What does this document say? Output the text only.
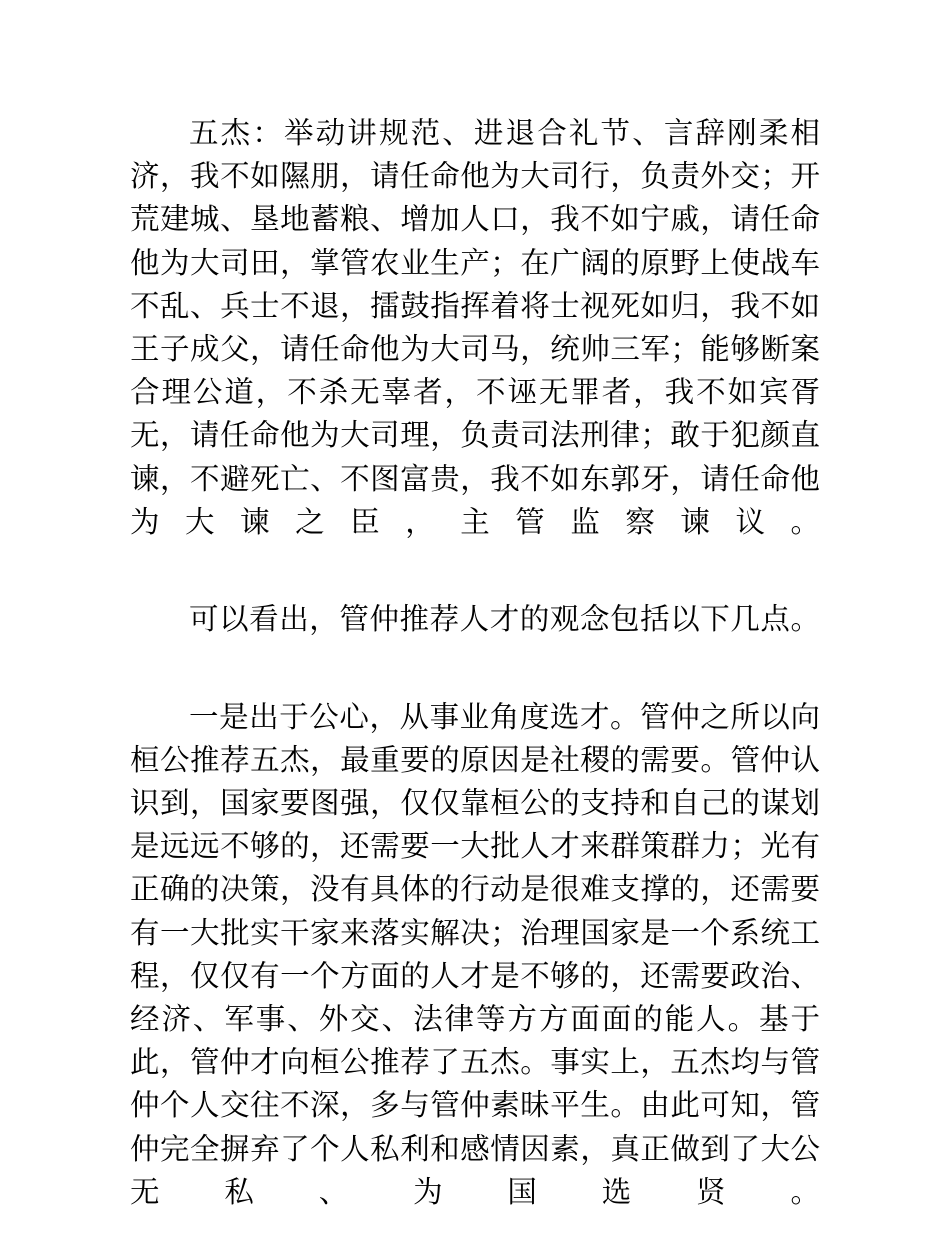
五杰：举动讲规范、进退合礼节、言辞刚柔相济，我不如隰朋，请任命他为大司行，负责外交；开荒建城、垦地蓄粮、增加人口，我不如宁戚，请任命他为大司田，掌管农业生产；在广阔的原野上使战车不乱、兵士不退，擂鼓指挥着将士视死如归，我不如王子成父，请任命他为大司马，统帅三军；能够断案合理公道，不杀无辜者，不诬无罪者，我不如宾胥无，请任命他为大司理，负责司法刑律；敢于犯颜直谏，不避死亡、不图富贵，我不如东郭牙，请任命他为大谏之臣，主管监察谏议。

可以看出，管仲推荐人才的观念包括以下几点。

一是出于公心，从事业角度选才。管仲之所以向桓公推荐五杰，最重要的原因是社稷的需要。管仲认识到，国家要图强，仅仅靠桓公的支持和自己的谋划是远远不够的，还需要一大批人才来群策群力；光有正确的决策，没有具体的行动是很难支撑的，还需要有一大批实干家来落实解决；治理国家是一个系统工程，仅仅有一个方面的人才是不够的，还需要政治、经济、军事、外交、法律等方方面面的能人。基于此，管仲才向桓公推荐了五杰。事实上，五杰均与管仲个人交往不深，多与管仲素昧平生。由此可知，管仲完全摒弃了个人私利和感情因素，真正做到了大公无私、为国选贤。
